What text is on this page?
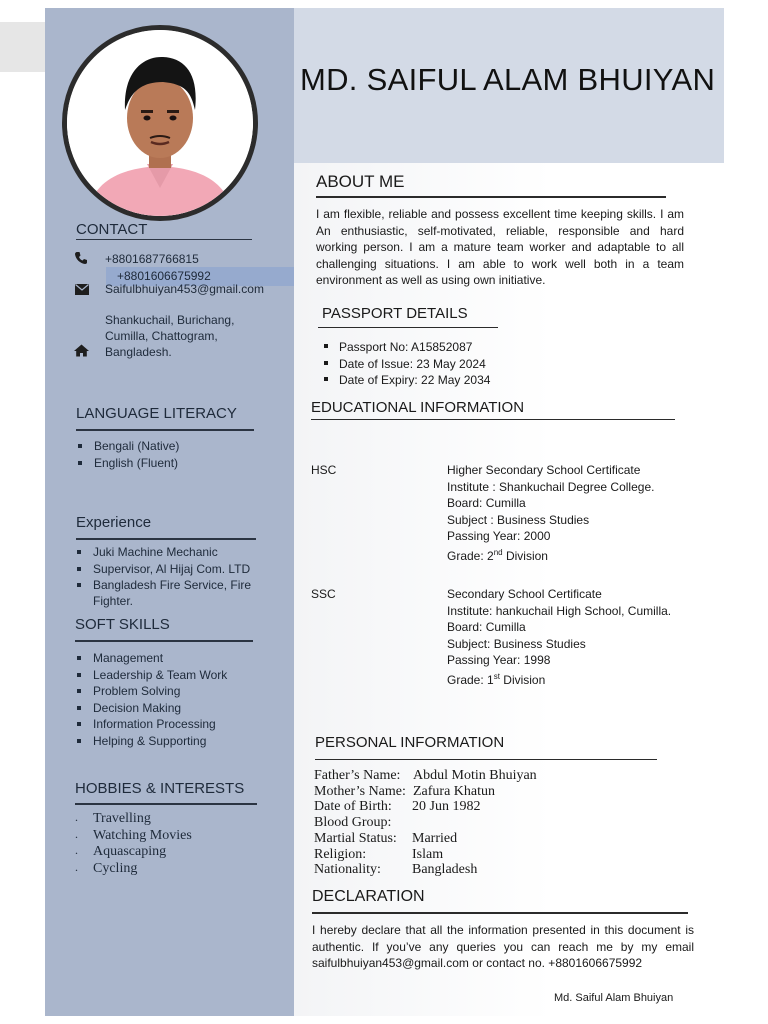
MD. SAIFUL ALAM BHUIYAN
CONTACT
+8801687766815
+8801606675992
Saifulbhuiyan453@gmail.com
Shankuchail, Burichang,
Cumilla, Chattogram,
Bangladesh.
LANGUAGE LITERACY
Bengali (Native)
English (Fluent)
Experience
Juki Machine Mechanic
Supervisor, Al Hijaj Com. LTD
Bangladesh Fire Service, Fire
Fighter.
SOFT SKILLS
Management
Leadership & Team Work
Problem Solving
Decision Making
Information Processing
Helping & Supporting
HOBBIES & INTERESTS
. Travelling
. Watching Movies
. Aquascaping
. Cycling
ABOUT ME
I am flexible, reliable and possess excellent time keeping skills. I am An enthusiastic, self-motivated, reliable, responsible and hard working person. I am a mature team worker and adaptable to all challenging situations. I am able to work well both in a team environment as well as using own initiative.
PASSPORT DETAILS
Passport No: A15852087
Date of Issue: 23 May 2024
Date of Expiry: 22 May 2034
EDUCATIONAL INFORMATION
HSC	Higher Secondary School Certificate
Institute : Shankuchail Degree College.
Board: Cumilla
Subject : Business Studies
Passing Year: 2000
Grade: 2nd Division
SSC	Secondary School Certificate
Institute: hankuchail High School, Cumilla.
Board: Cumilla
Subject: Business Studies
Passing Year: 1998
Grade: 1st Division
PERSONAL INFORMATION
Father’s Name: Abdul Motin Bhuiyan
Mother’s Name: Zafura Khatun
Date of Birth: 20 Jun 1982
Blood Group:
Martial Status: Married
Religion:	Islam
Nationality: Bangladesh
DECLARATION
I hereby declare that all the information presented in this document is authentic. If you’ve any queries you can reach me by my email saifulbhuiyan453@gmail.com or contact no. +8801606675992
Md. Saiful Alam Bhuiyan
